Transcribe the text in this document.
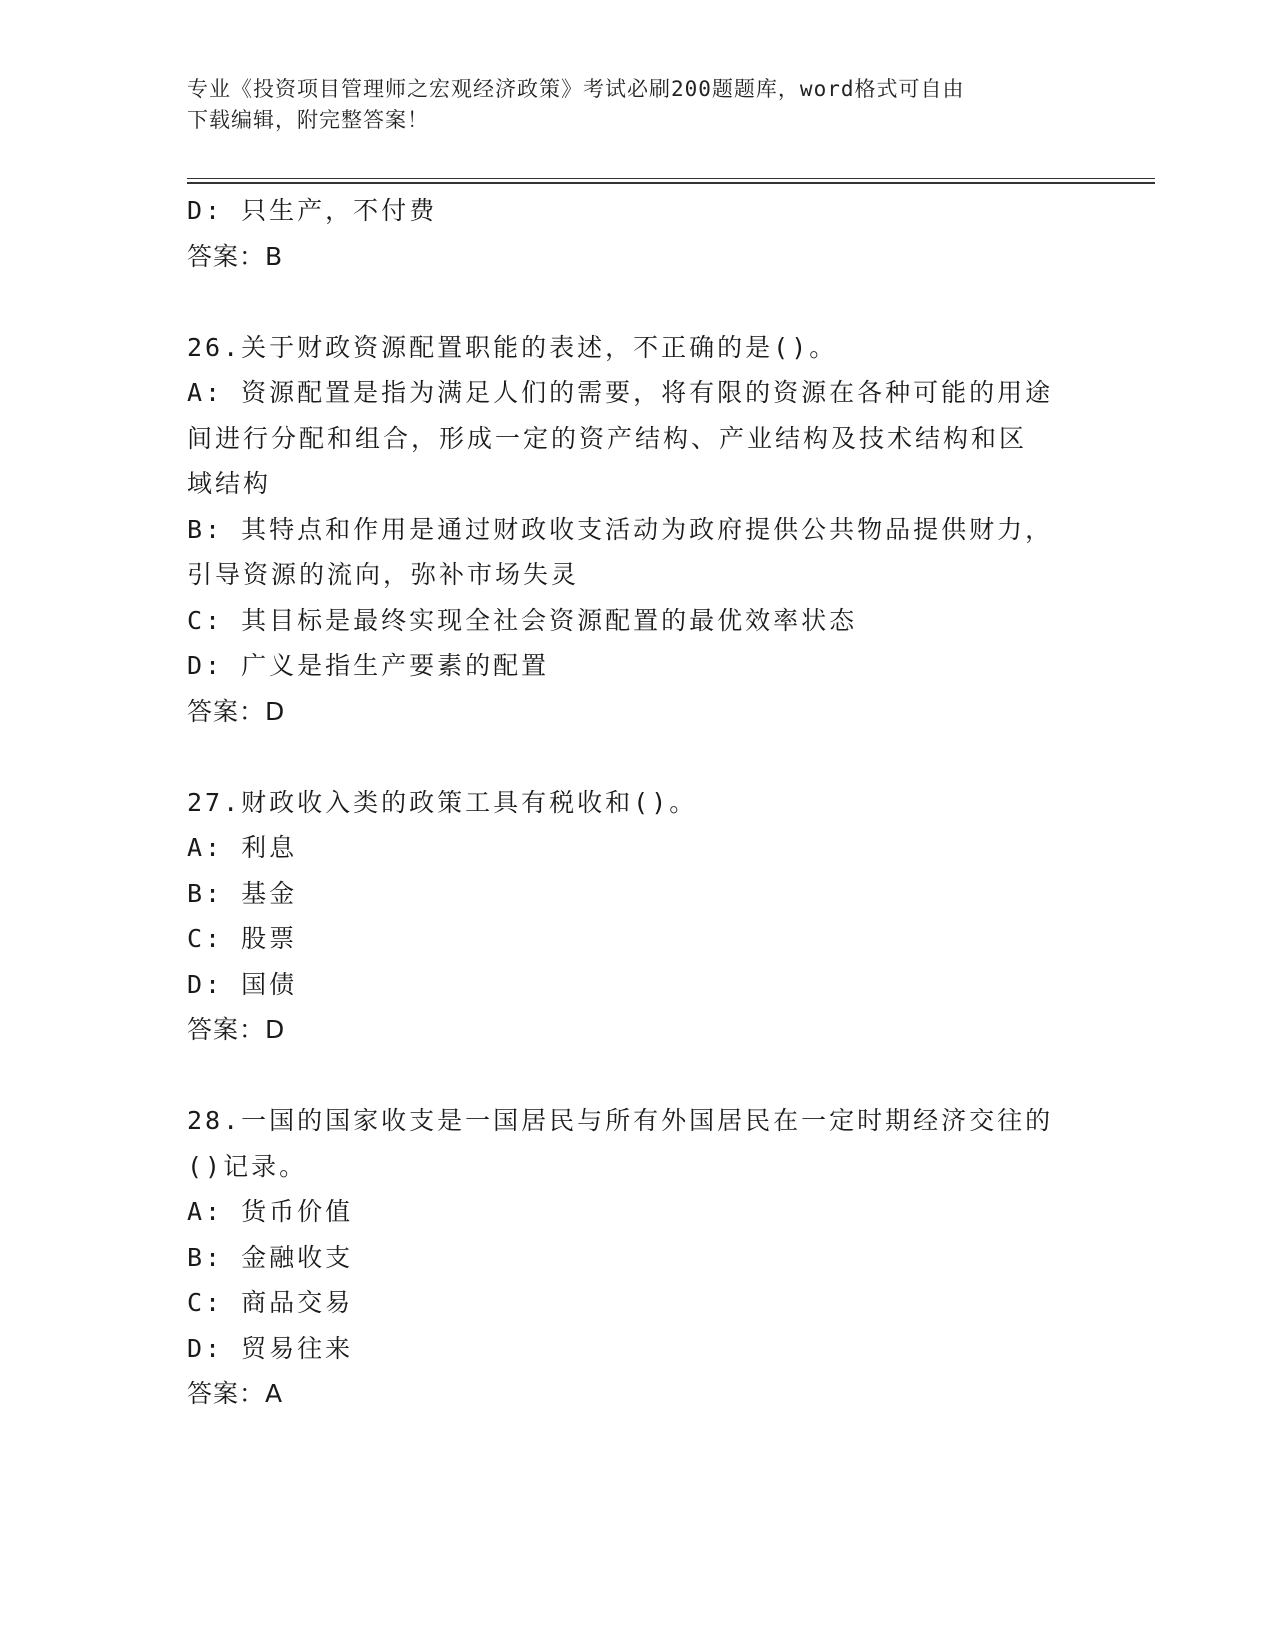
专业《投资项目管理师之宏观经济政策》考试必刷200题题库，word格式可自由
下载编辑，附完整答案！

D: 只生产，不付费

答案：B

26.关于财政资源配置职能的表述，不正确的是()。

A: 资源配置是指为满足人们的需要，将有限的资源在各种可能的用途

间进行分配和组合，形成一定的资产结构、产业结构及技术结构和区

域结构

B: 其特点和作用是通过财政收支活动为政府提供公共物品提供财力，

引导资源的流向，弥补市场失灵

C: 其目标是最终实现全社会资源配置的最优效率状态

D: 广义是指生产要素的配置

答案：D

27.财政收入类的政策工具有税收和()。

A: 利息

B: 基金

C: 股票

D: 国债

答案：D

28.一国的国家收支是一国居民与所有外国居民在一定时期经济交往的

()记录。

A: 货币价值

B: 金融收支

C: 商品交易

D: 贸易往来

答案：A
